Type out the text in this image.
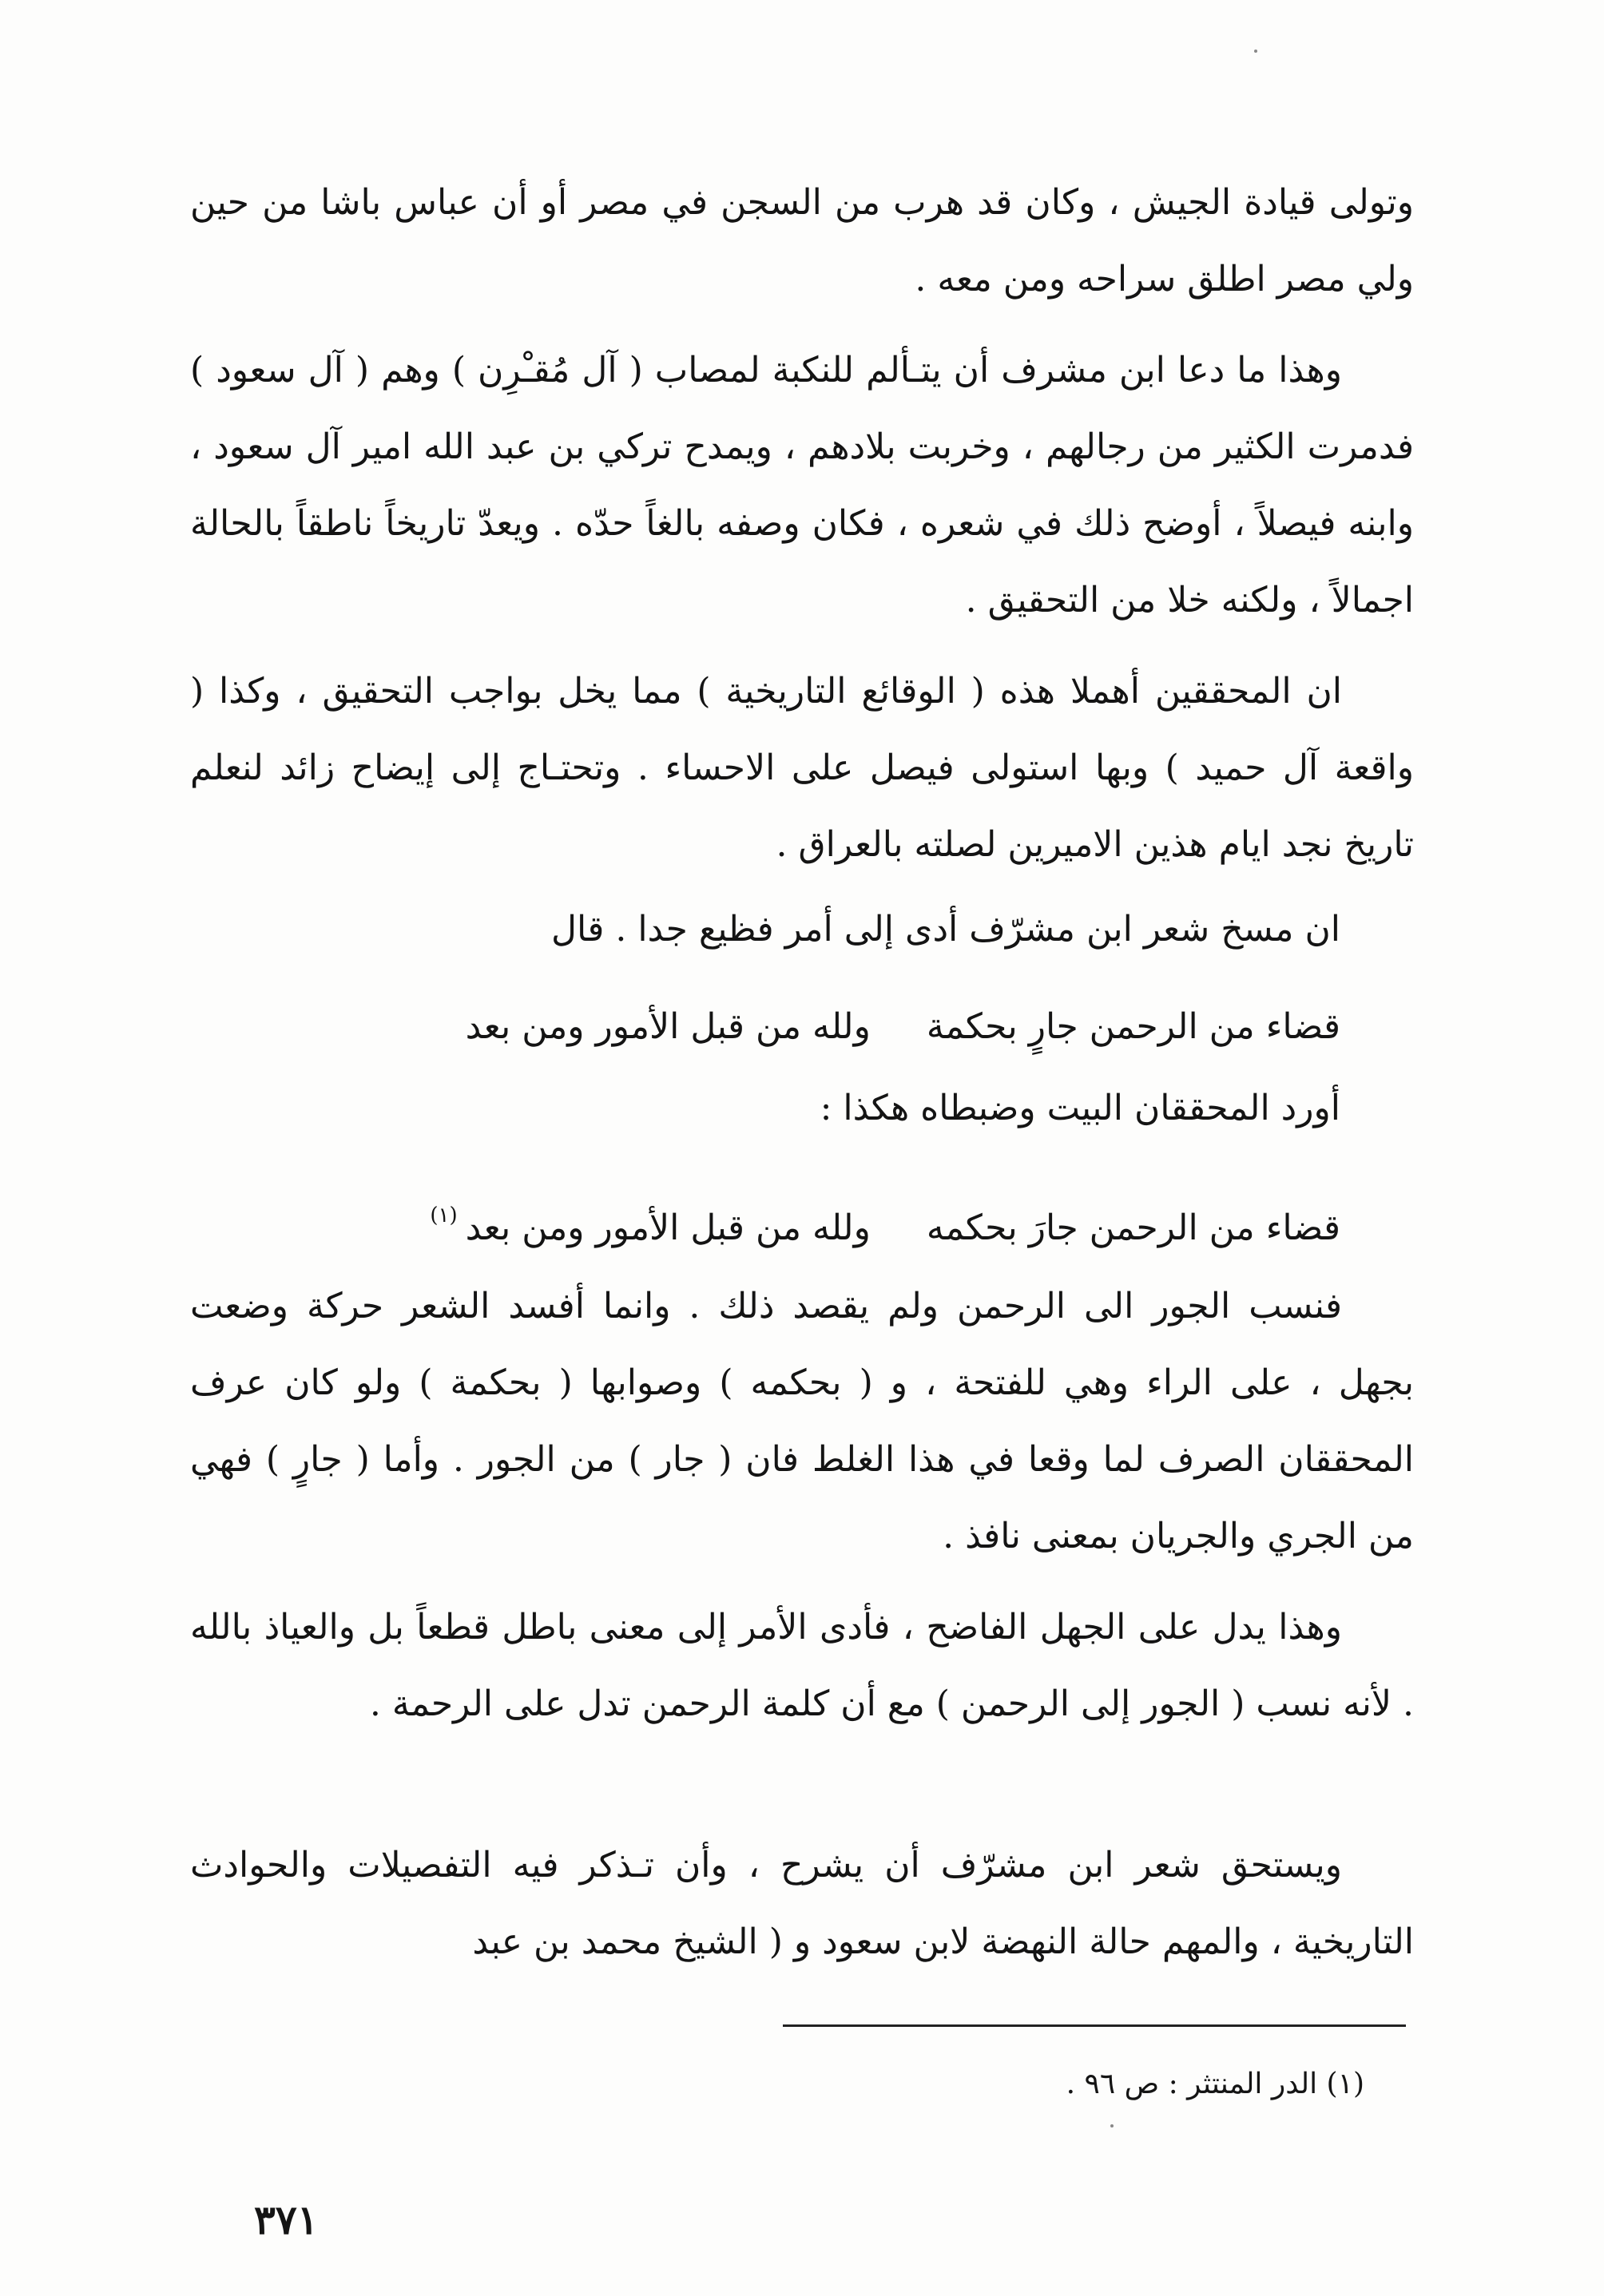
وتولى قيادة الجيش ، وكان قد هرب من السجن في مصر أو أن عباس باشا من حين ولي مصر اطلق سراحه ومن معه .

وهذا ما دعا ابن مشرف أن يتـألم للنكبة لمصاب ( آل مُقـْرِن ) وهم ( آل سعود ) فدمرت الكثير من رجالهم ، وخربت بلادهم ، ويمدح تركي بن عبد الله امير آل سعود ، وابنه فيصلاً ، أوضح ذلك في شعره ، فكان وصفه بالغاً حدّه . ويعدّ تاريخاً ناطقاً بالحالة اجمالاً ، ولكنه خلا من التحقيق .

ان المحققين أهملا هذه ( الوقائع التاريخية ) مما يخل بواجب التحقيق ، وكذا ( واقعة آل حميد ) وبها استولى فيصل على الاحساء . وتحتـاج إلى إيضاح زائد لنعلم تاريخ نجد ايام هذين الاميرين لصلته بالعراق .

ان مسخ شعر ابن مشرّف أدى إلى أمر فظيع جدا . قال
قضاء من الرحمن جارٍ بحكمةولله من قبل الأمور ومن بعد
أورد المحققان البيت وضبطاه هكذا :
قضاء من الرحمن جارَ بحكمهولله من قبل الأمور ومن بعد$^{(١)}$

فنسب الجور الى الرحمن ولم يقصد ذلك . وانما أفسد الشعر حركة وضعت بجهل ، على الراء وهي للفتحة ، و ( بحكمه ) وصوابها ( بحكمة ) ولو كان عرف المحققان الصرف لما وقعا في هذا الغلط فان ( جار ) من الجور . وأما ( جارٍ ) فهي من الجري والجريان بمعنى نافذ .

وهذا يدل على الجهل الفاضح ، فأدى الأمر إلى معنى باطل قطعاً بل والعياذ بالله . لأنه نسب ( الجور إلى الرحمن ) مع أن كلمة الرحمن تدل على الرحمة .

ويستحق شعر ابن مشرّف أن يشرح ، وأن تـذكر فيه التفصيلات والحوادث التاريخية ، والمهم حالة النهضة لابن سعود و ( الشيخ محمد بن عبد

(١) الدر المنتثر : ص ٩٦ .
٣٧١
